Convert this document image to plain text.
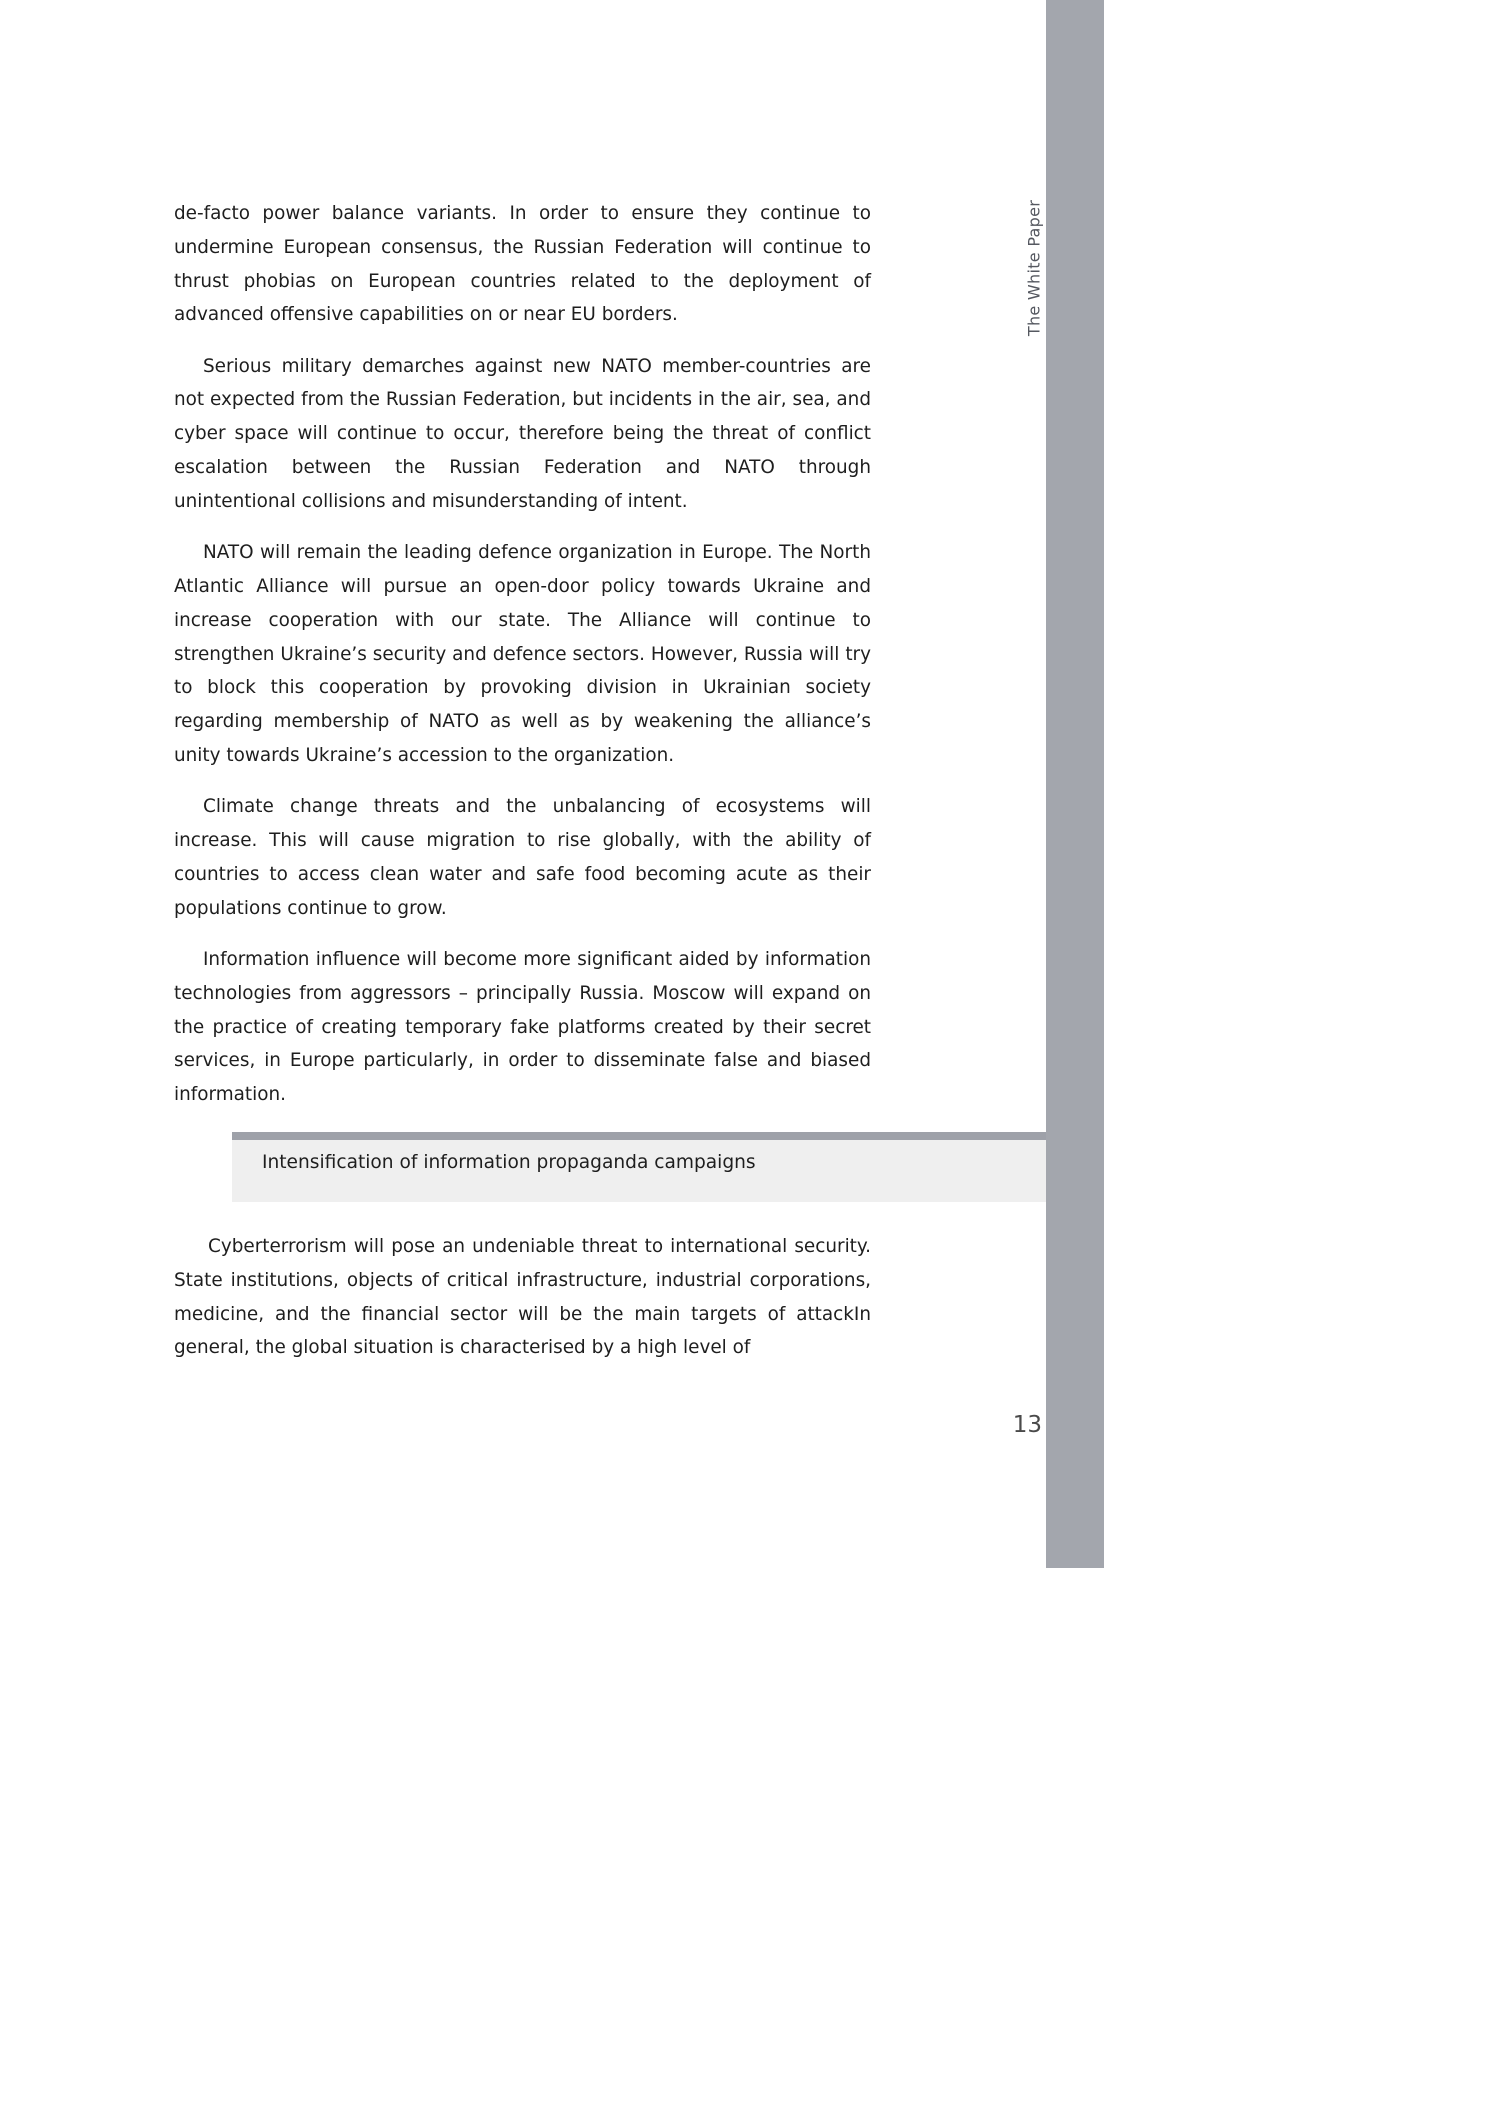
The White Paper
13

de-facto power balance variants. In order to ensure they continue to undermine European consensus, the Russian Federation will continue to thrust phobias on European countries related to the deployment of advanced offensive capabilities on or near EU borders.

Serious military demarches against new NATO member-countries are not expected from the Russian Federation, but incidents in the air, sea, and cyber space will continue to occur, therefore being the threat of conflict escalation between the Russian Federation and NATO through unintentional collisions and misunderstanding of intent.

NATO will remain the leading defence organization in Europe. The North Atlantic Alliance will pursue an open-door policy towards Ukraine and increase cooperation with our state. The Alliance will continue to strengthen Ukraine’s security and defence sectors. However, Russia will try to block this cooperation by provoking division in Ukrainian society regarding membership of NATO as well as by weakening the alliance’s unity towards Ukraine’s accession to the organization.

Climate change threats and the unbalancing of ecosystems will increase. This will cause migration to rise globally, with the ability of countries to access clean water and safe food becoming acute as their populations continue to grow.

Information influence will become more significant aided by information technologies from aggressors – principally Russia. Moscow will expand on the practice of creating temporary fake platforms created by their secret services, in Europe particularly, in order to disseminate false and biased information.

Intensification of information propaganda campaigns

Cyberterrorism will pose an undeniable threat to international security. State institutions, objects of critical infrastructure, industrial corporations, medicine, and the financial sector will be the main targets of attackIn general, the global situation is characterised by a high level of
